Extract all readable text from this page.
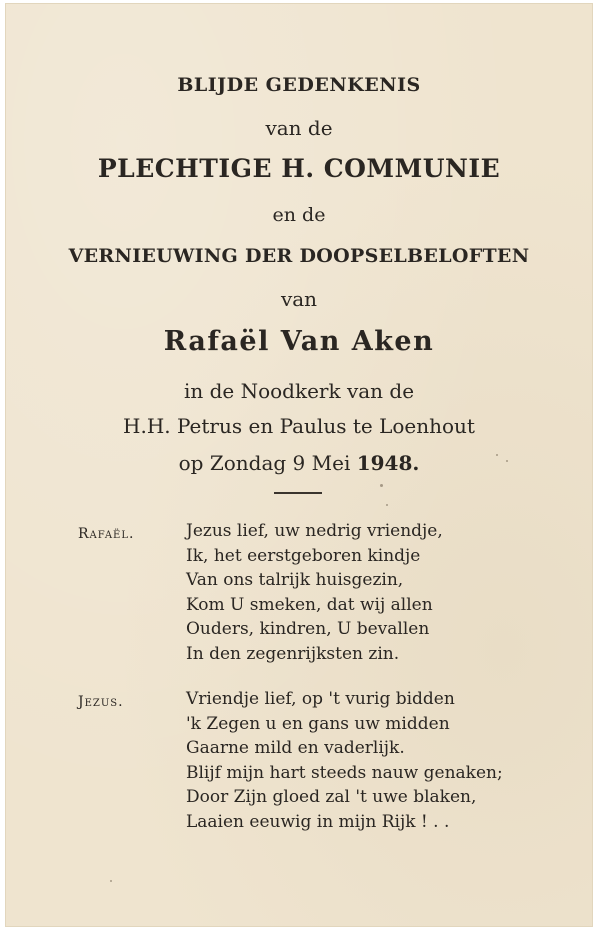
BLIJDE GEDENKENIS
van de
PLECHTIGE H. COMMUNIE
en de
VERNIEUWING DER DOOPSELBELOFTEN
van
Rafaël Van Aken
in de Noodkerk van de
H.H. Petrus en Paulus te Loenhout
op Zondag 9 Mei 1948.
Rafaël.	Jezus lief, uw nedrig vriendje,
Ik, het eerstgeboren kindje
Van ons talrijk huisgezin,
Kom U smeken, dat wij allen
Ouders, kindren, U bevallen
In den zegenrijksten zin.
Jezus.	Vriendje lief, op 't vurig bidden
'k Zegen u en gans uw midden
Gaarne mild en vaderlijk.
Blijf mijn hart steeds nauw genaken;
Door Zijn gloed zal 't uwe blaken,
Laaien eeuwig in mijn Rijk ! . .
